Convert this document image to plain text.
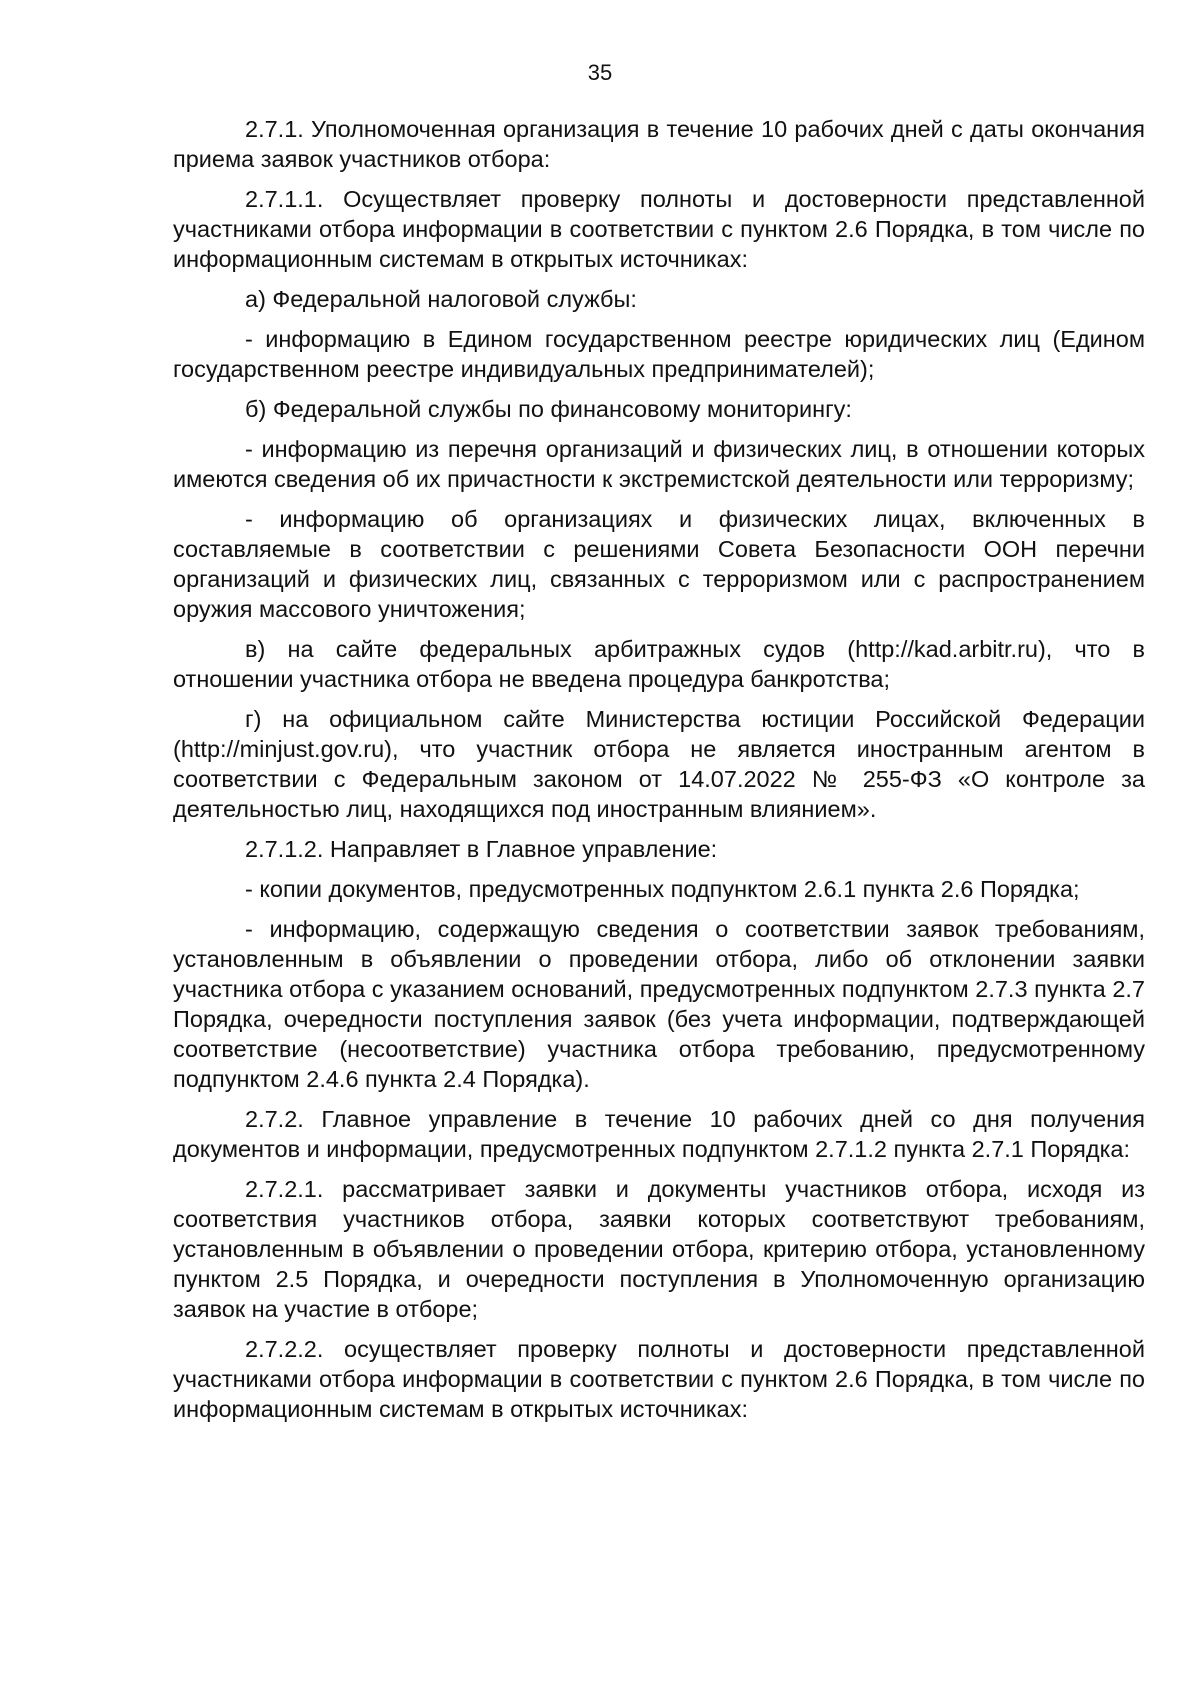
35

2.7.1. Уполномоченная организация в течение 10 рабочих дней с даты окончания приема заявок участников отбора:

2.7.1.1. Осуществляет проверку полноты и достоверности представленной участниками отбора информации в соответствии с пунктом 2.6 Порядка, в том числе по информационным системам в открытых источниках:

а) Федеральной налоговой службы:

- информацию в Едином государственном реестре юридических лиц (Едином государственном реестре индивидуальных предпринимателей);

б) Федеральной службы по финансовому мониторингу:

- информацию из перечня организаций и физических лиц, в отношении которых имеются сведения об их причастности к экстремистской деятельности или терроризму;

- информацию об организациях и физических лицах, включенных в составляемые в соответствии с решениями Совета Безопасности ООН перечни организаций и физических лиц, связанных с терроризмом или с распространением оружия массового уничтожения;

в) на сайте федеральных арбитражных судов (http://kad.arbitr.ru), что в отношении участника отбора не введена процедура банкротства;

г) на официальном сайте Министерства юстиции Российской Федерации (http://minjust.gov.ru), что участник отбора не является иностранным агентом в соответствии с Федеральным законом от 14.07.2022 № 255-ФЗ «О контроле за деятельностью лиц, находящихся под иностранным влиянием».

2.7.1.2. Направляет в Главное управление:

- копии документов, предусмотренных подпунктом 2.6.1 пункта 2.6 Порядка;

- информацию, содержащую сведения о соответствии заявок требованиям, установленным в объявлении о проведении отбора, либо об отклонении заявки участника отбора с указанием оснований, предусмотренных подпунктом 2.7.3 пункта 2.7 Порядка, очередности поступления заявок (без учета информации, подтверждающей соответствие (несоответствие) участника отбора требованию, предусмотренному подпунктом 2.4.6 пункта 2.4 Порядка).

2.7.2. Главное управление в течение 10 рабочих дней со дня получения документов и информации, предусмотренных подпунктом 2.7.1.2 пункта 2.7.1 Порядка:

2.7.2.1. рассматривает заявки и документы участников отбора, исходя из соответствия участников отбора, заявки которых соответствуют требованиям, установленным в объявлении о проведении отбора, критерию отбора, установленному пунктом 2.5 Порядка, и очередности поступления в Уполномоченную организацию заявок на участие в отборе;

2.7.2.2. осуществляет проверку полноты и достоверности представленной участниками отбора информации в соответствии с пунктом 2.6 Порядка, в том числе по информационным системам в открытых источниках:
